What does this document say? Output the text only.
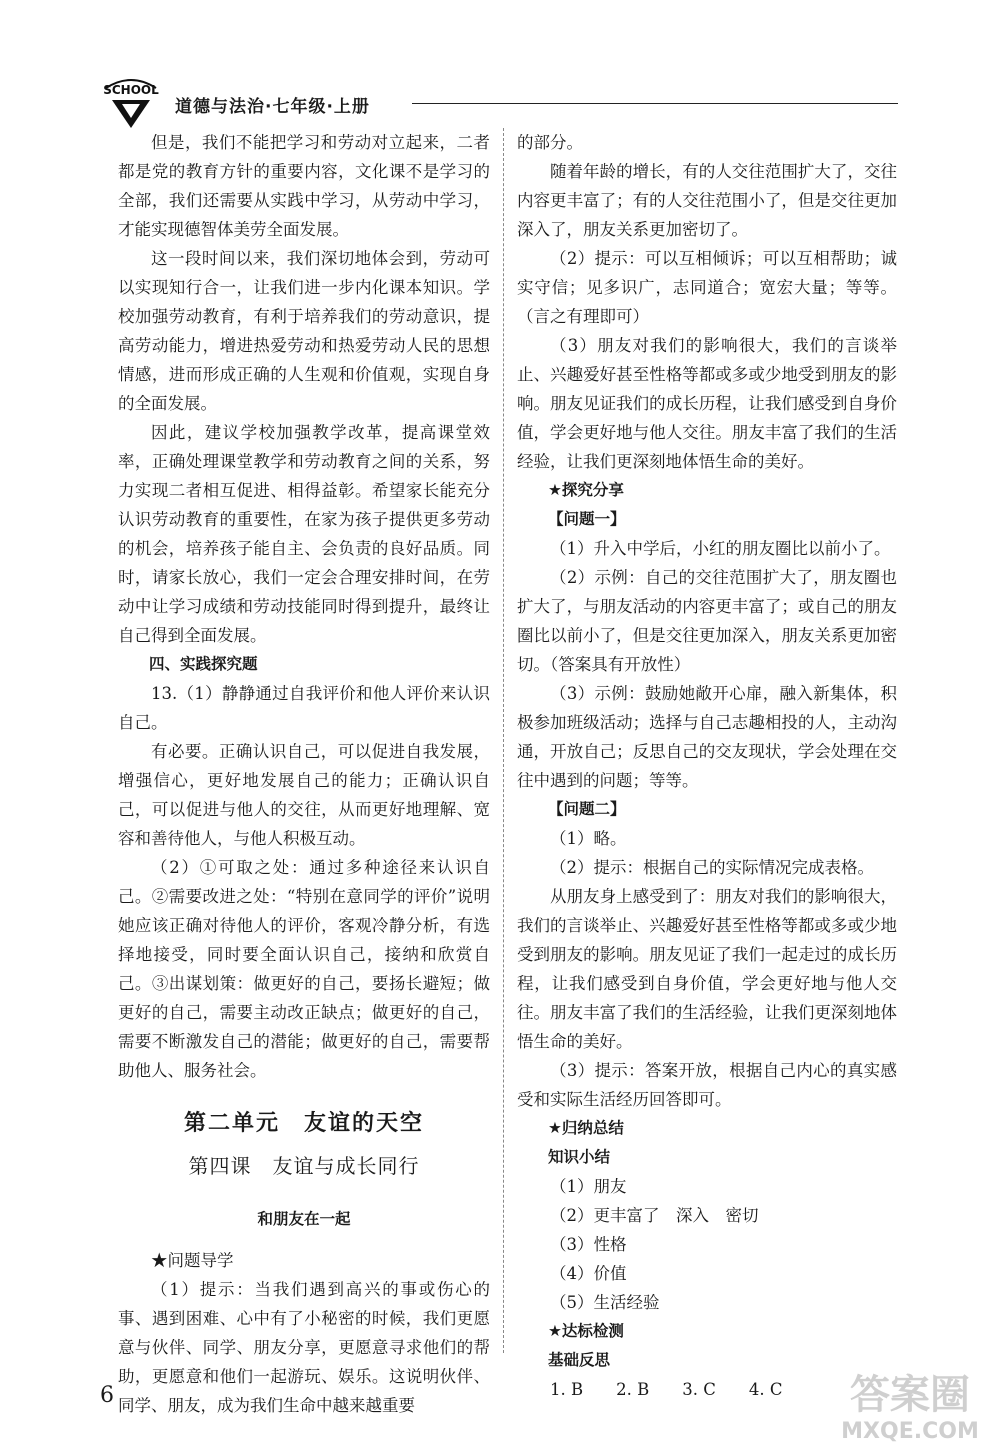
SCHOOL
道德与法治·七年级·上册

但是，我们不能把学习和劳动对立起来，二者都是党的教育方针的重要内容，文化课不是学习的全部，我们还需要从实践中学习，从劳动中学习，才能实现德智体美劳全面发展。

这一段时间以来，我们深切地体会到，劳动可以实现知行合一，让我们进一步内化课本知识。学校加强劳动教育，有利于培养我们的劳动意识，提高劳动能力，增进热爱劳动和热爱劳动人民的思想情感，进而形成正确的人生观和价值观，实现自身的全面发展。

因此，建议学校加强教学改革，提高课堂效率，正确处理课堂教学和劳动教育之间的关系，努力实现二者相互促进、相得益彰。希望家长能充分认识劳动教育的重要性，在家为孩子提供更多劳动的机会，培养孩子能自主、会负责的良好品质。同时，请家长放心，我们一定会合理安排时间，在劳动中让学习成绩和劳动技能同时得到提升，最终让自己得到全面发展。

四、实践探究题

13.（1）静静通过自我评价和他人评价来认识自己。

有必要。正确认识自己，可以促进自我发展，增强信心，更好地发展自己的能力；正确认识自己，可以促进与他人的交往，从而更好地理解、宽容和善待他人，与他人积极互动。

（2）①可取之处：通过多种途径来认识自己。②需要改进之处：“特别在意同学的评价”说明她应该正确对待他人的评价，客观冷静分析，有选择地接受，同时要全面认识自己，接纳和欣赏自己。③出谋划策：做更好的自己，要扬长避短；做更好的自己，需要主动改正缺点；做更好的自己，需要不断激发自己的潜能；做更好的自己，需要帮助他人、服务社会。

第二单元　友谊的天空
第四课　友谊与成长同行
和朋友在一起

★问题导学

（1）提示：当我们遇到高兴的事或伤心的事、遇到困难、心中有了小秘密的时候，我们更愿意与伙伴、同学、朋友分享，更愿意寻求他们的帮助，更愿意和他们一起游玩、娱乐。这说明伙伴、同学、朋友，成为我们生命中越来越重要

的部分。

随着年龄的增长，有的人交往范围扩大了，交往内容更丰富了；有的人交往范围小了，但是交往更加深入了，朋友关系更加密切了。

（2）提示：可以互相倾诉；可以互相帮助；诚实守信；见多识广，志同道合；宽宏大量；等等。（言之有理即可）

（3）朋友对我们的影响很大，我们的言谈举止、兴趣爱好甚至性格等都或多或少地受到朋友的影响。朋友见证我们的成长历程，让我们感受到自身价值，学会更好地与他人交往。朋友丰富了我们的生活经验，让我们更深刻地体悟生命的美好。

★探究分享

【问题一】

（1）升入中学后，小红的朋友圈比以前小了。

（2）示例：自己的交往范围扩大了，朋友圈也扩大了，与朋友活动的内容更丰富了；或自己的朋友圈比以前小了，但是交往更加深入，朋友关系更加密切。（答案具有开放性）

（3）示例：鼓励她敞开心扉，融入新集体，积极参加班级活动；选择与自己志趣相投的人，主动沟通，开放自己；反思自己的交友现状，学会处理在交往中遇到的问题；等等。

【问题二】

（1）略。

（2）提示：根据自己的实际情况完成表格。

从朋友身上感受到了：朋友对我们的影响很大，我们的言谈举止、兴趣爱好甚至性格等都或多或少地受到朋友的影响。朋友见证了我们一起走过的成长历程，让我们感受到自身价值，学会更好地与他人交往。朋友丰富了我们的生活经验，让我们更深刻地体悟生命的美好。

（3）提示：答案开放，根据自己内心的真实感受和实际生活经历回答即可。

★归纳总结

知识小结

（1）朋友

（2）更丰富了　深入　密切

（3）性格

（4）价值

（5）生活经验

★达标检测

基础反思

1. B　　2. B　　3. C　　4. C

6	答案圈
MXQE.COM
